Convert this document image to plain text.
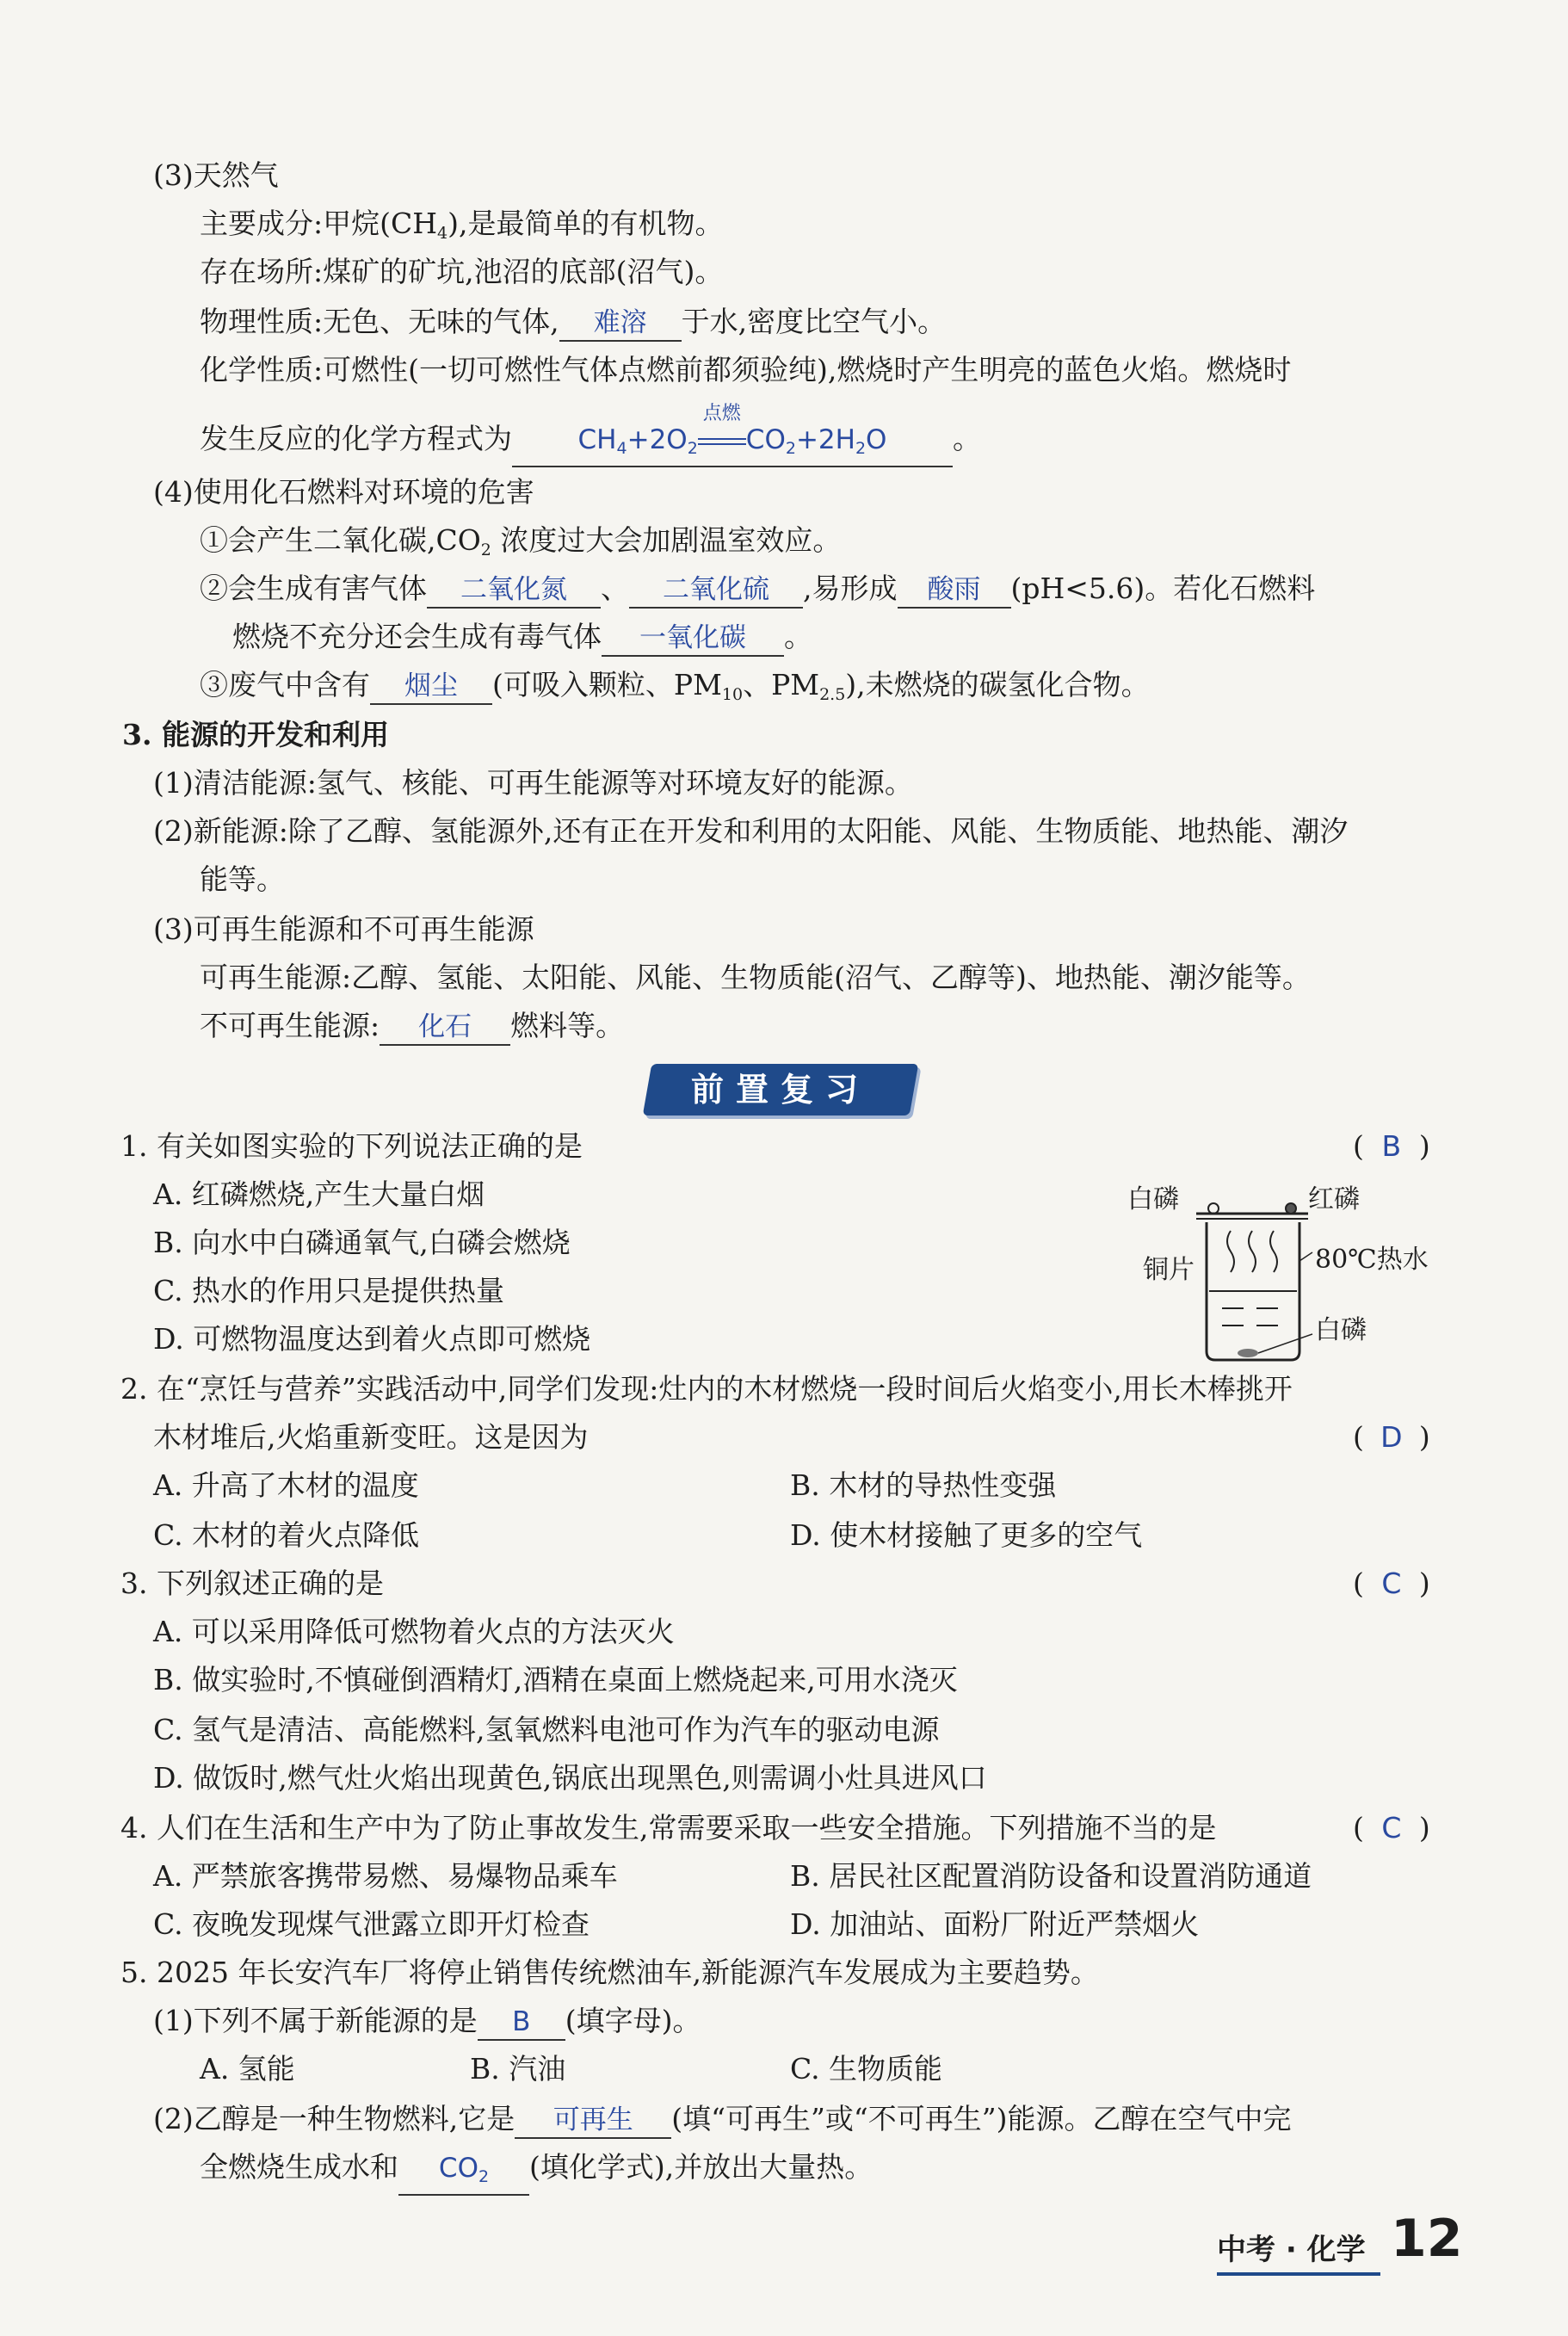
(3)天然气
主要成分:甲烷$(CH_4)$,是最简单的有机物。
存在场所:煤矿的矿坑,池沼的底部(沼气)。
物理性质:无色、无味的气体, 难溶 于水,密度比空气小。
化学性质:可燃性(一切可燃性气体点燃前都须验纯),燃烧时产生明亮的蓝色火焰。燃烧时
发生反应的化学方程式为 $CH_4+2O_2$
点燃
$CO_2+2H_2O$ 。
(4)使用化石燃料对环境的危害
①会产生二氧化碳$,CO_2$ 浓度过大会加剧温室效应。
②会生成有害气体 二氧化氮 、 二氧化硫 ,易形成 酸雨 (pH<5.6)。若化石燃料
燃烧不充分还会生成有毒气体 一氧化碳 。
③废气中含有 烟尘 (可吸入颗粒、$PM_{10}$、$PM_{2.5}$),未燃烧的碳氢化合物。
3. 能源的开发和利用
(1)清洁能源:氢气、核能、可再生能源等对环境友好的能源。
(2)新能源:除了乙醇、氢能源外,还有正在开发和利用的太阳能、风能、生物质能、地热能、潮汐
能等。
(3)可再生能源和不可再生能源
可再生能源:乙醇、氢能、太阳能、风能、生物质能(沼气、乙醇等)、地热能、潮汐能等。
不可再生能源: 化石 燃料等。
前置复习
1. 有关如图实验的下列说法正确的是	( B )
A. 红磷燃烧,产生大量白烟
B. 向水中白磷通氧气,白磷会燃烧
C. 热水的作用只是提供热量
D. 可燃物温度达到着火点即可燃烧
白磷	红磷
铜片	80℃热水
白磷
2. 在“烹饪与营养”实践活动中,同学们发现:灶内的木材燃烧一段时间后火焰变小,用长木棒挑开
木材堆后,火焰重新变旺。这是因为	( D )
A. 升高了木材的温度	B. 木材的导热性变强
C. 木材的着火点降低	D. 使木材接触了更多的空气
3. 下列叙述正确的是	( C )
A. 可以采用降低可燃物着火点的方法灭火
B. 做实验时,不慎碰倒酒精灯,酒精在桌面上燃烧起来,可用水浇灭
C. 氢气是清洁、高能燃料,氢氧燃料电池可作为汽车的驱动电源
D. 做饭时,燃气灶火焰出现黄色,锅底出现黑色,则需调小灶具进风口
4. 人们在生活和生产中为了防止事故发生,常需要采取一些安全措施。下列措施不当的是	( C )
A. 严禁旅客携带易燃、易爆物品乘车	B. 居民社区配置消防设备和设置消防通道
C. 夜晚发现煤气泄露立即开灯检查	D. 加油站、面粉厂附近严禁烟火
5. 2025 年长安汽车厂将停止销售传统燃油车,新能源汽车发展成为主要趋势。
(1)下列不属于新能源的是 B (填字母)。
A. 氢能	B. 汽油	C. 生物质能
(2)乙醇是一种生物燃料,它是 可再生 (填“可再生”或“不可再生”)能源。乙醇在空气中完
全燃烧生成水和 $CO_2$ (填化学式),并放出大量热。
中考 · 化学 12
